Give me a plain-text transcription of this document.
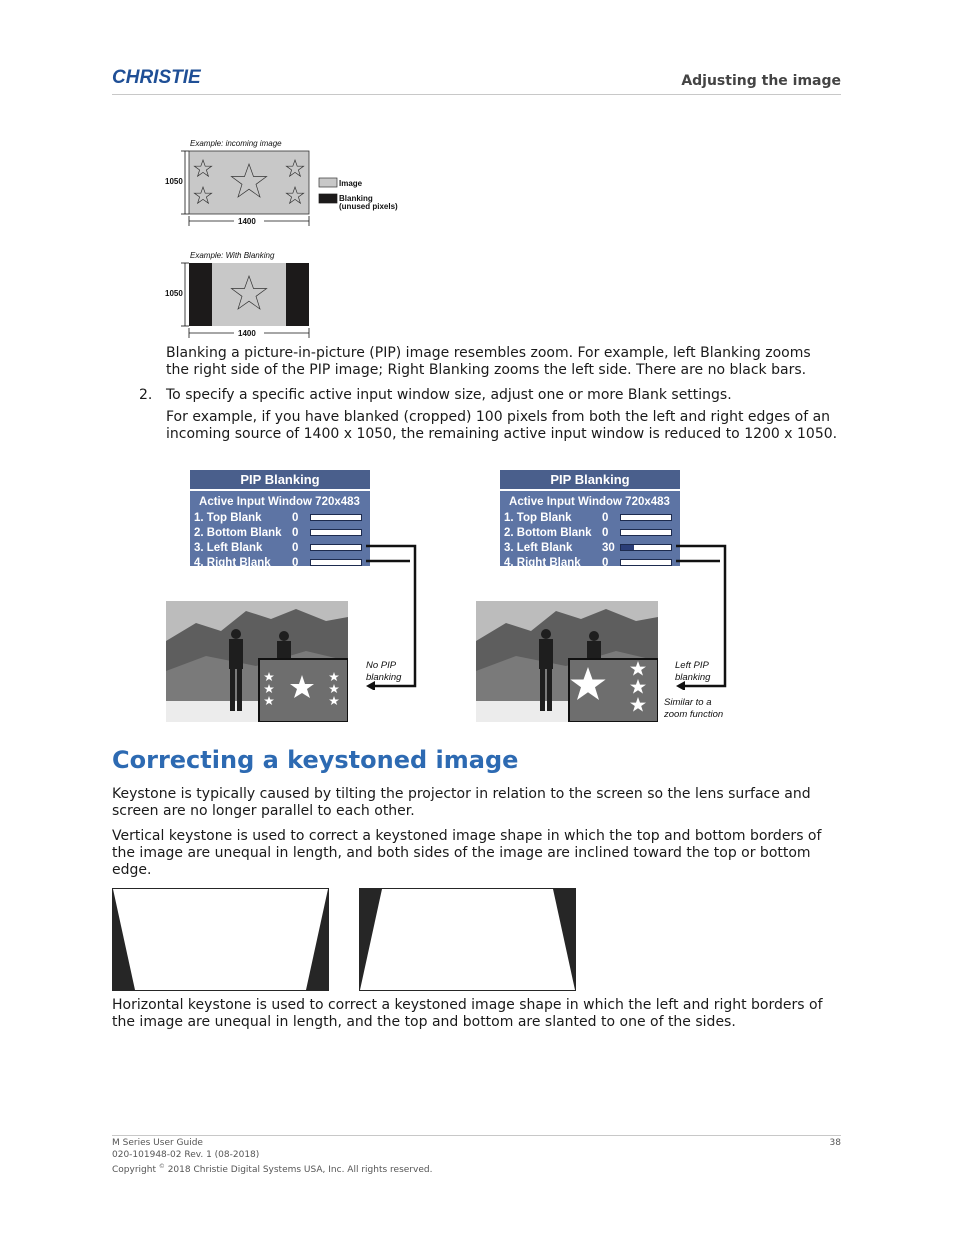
CHRISTIE	Adjusting the image
Example: incoming image
1050
1400
Image
Blanking
(unused pixels)
Example: With Blanking
1050
1400
Blanking a picture-in-picture (PIP) image resembles zoom. For example, left Blanking zooms the right side of the PIP image; Right Blanking zooms the left side. There are no black bars.
2. To specify a specific active input window size, adjust one or more Blank settings.
For example, if you have blanked (cropped) 100 pixels from both the left and right edges of an incoming source of 1400 x 1050, the remaining active input window is reduced to 1200 x 1050.
PIP Blanking
Active Input Window 720x483
1. Top Blank	0
2. Bottom Blank 0
3. Left Blank	0
4. Right Blank 0
PIP Blanking
Active Input Window 720x483
1. Top Blank	0
2. Bottom Blank 0
3. Left Blank	30
4. Right Blank 0
No PIP
blanking
Left PIP
blanking
Similar to a
zoom function
Correcting a keystoned image
Keystone is typically caused by tilting the projector in relation to the screen so the lens surface and screen are no longer parallel to each other.
Vertical keystone is used to correct a keystoned image shape in which the top and bottom borders of the image are unequal in length, and both sides of the image are inclined toward the top or bottom edge.
Horizontal keystone is used to correct a keystoned image shape in which the left and right borders of the image are unequal in length, and the top and bottom are slanted to one of the sides.
M Series User Guide
020-101948-02 Rev. 1 (08-2018)
Copyright © 2018 Christie Digital Systems USA, Inc. All rights reserved.
38
